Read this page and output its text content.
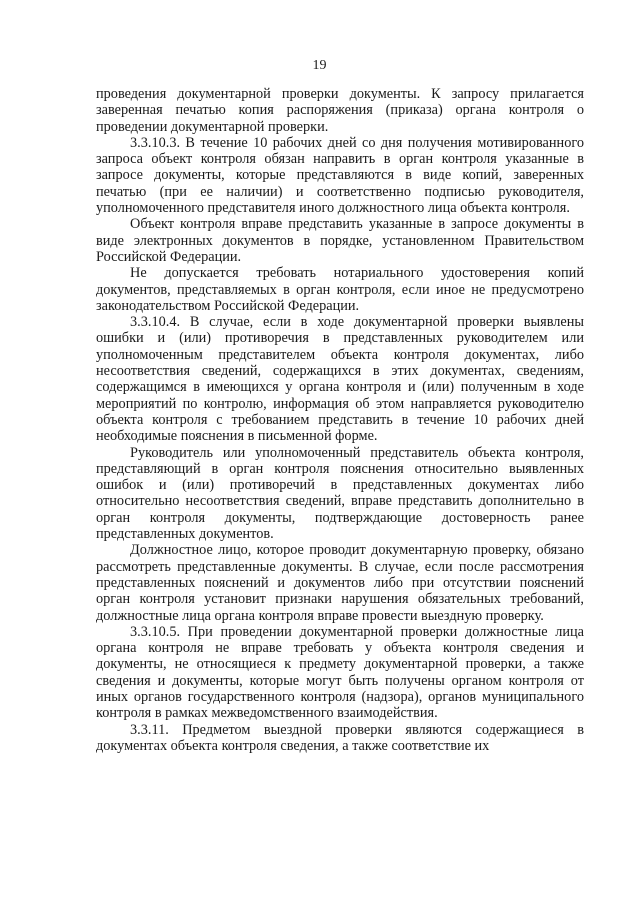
19

проведения документарной проверки документы. К запросу прилагается заверенная печатью копия распоряжения (приказа) органа контроля о проведении документарной проверки.

3.3.10.3. В течение 10 рабочих дней со дня получения мотивированного запроса объект контроля обязан направить в орган контроля указанные в запросе документы, которые представляются в виде копий, заверенных печатью (при ее наличии) и соответственно подписью руководителя, уполномоченного представителя иного должностного лица объекта контроля.

Объект контроля вправе представить указанные в запросе документы в виде электронных документов в порядке, установленном Правительством Российской Федерации.

Не допускается требовать нотариального удостоверения копий документов, представляемых в орган контроля, если иное не предусмотрено законодательством Российской Федерации.

3.3.10.4. В случае, если в ходе документарной проверки выявлены ошибки и (или) противоречия в представленных руководителем или уполномоченным представителем объекта контроля документах, либо несоответствия сведений, содержащихся в этих документах, сведениям, содержащимся в имеющихся у органа контроля и (или) полученным в ходе мероприятий по контролю, информация об этом направляется руководителю объекта контроля с требованием представить в течение 10 рабочих дней необходимые пояснения в письменной форме.

Руководитель или уполномоченный представитель объекта контроля, представляющий в орган контроля пояснения относительно выявленных ошибок и (или) противоречий в представленных документах либо относительно несоответствия сведений, вправе представить дополнительно в орган контроля документы, подтверждающие достоверность ранее представленных документов.

Должностное лицо, которое проводит документарную проверку, обязано рассмотреть представленные документы. В случае, если после рассмотрения представленных пояснений и документов либо при отсутствии пояснений орган контроля установит признаки нарушения обязательных требований, должностные лица органа контроля вправе провести выездную проверку.

3.3.10.5. При проведении документарной проверки должностные лица органа контроля не вправе требовать у объекта контроля сведения и документы, не относящиеся к предмету документарной проверки, а также сведения и документы, которые могут быть получены органом контроля от иных органов государственного контроля (надзора), органов муниципального контроля в рамках межведомственного взаимодействия.

3.3.11. Предметом выездной проверки являются содержащиеся в документах объекта контроля сведения, а также соответствие их
